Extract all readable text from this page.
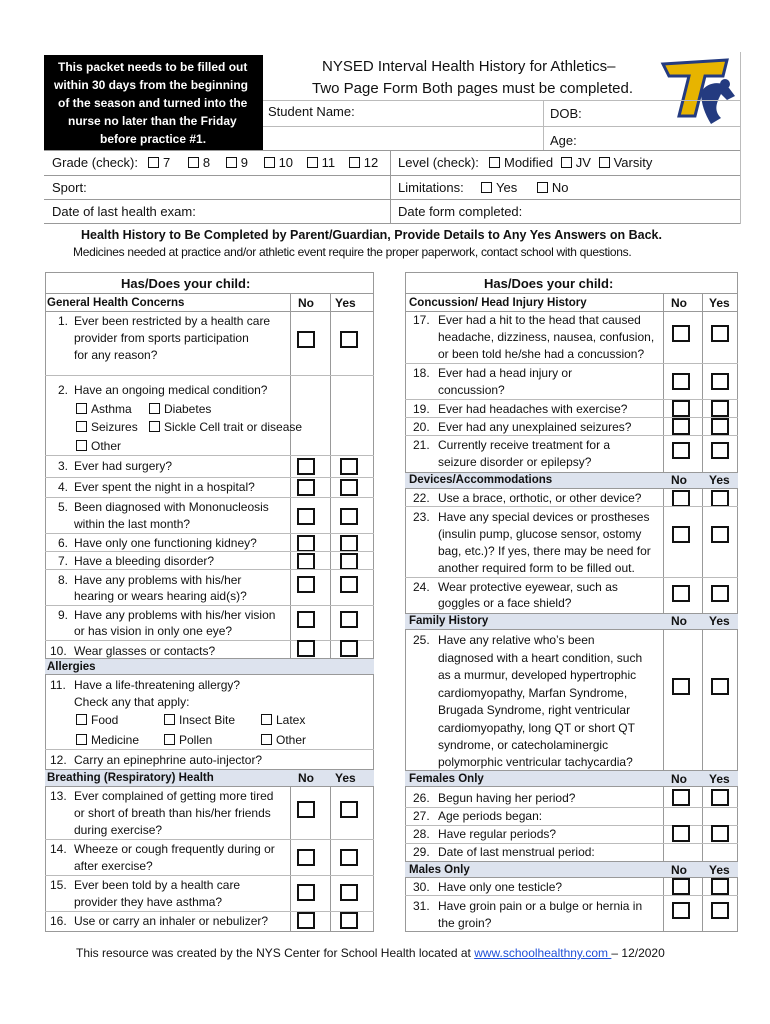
This packet needs to be filled out
within 30 days from the beginning
of the season and turned into the
nurse no later than the Friday
before practice #1.
NYSED Interval Health History for Athletics–
Two Page Form Both pages must be completed.
Student Name:	DOB:
Age:
Grade (check):	7	8 9 10 11 12 Level (check):	Modified JV Varsity
Sport:	Limitations:	Yes	No
Date of last health exam:	Date form completed:
Health History to Be Completed by Parent/Guardian, Provide Details to Any Yes Answers on Back.
Medicines needed at practice and/or athletic event require the proper paperwork, contact school with questions.
Has/Does your child:
General Health Concerns	No Yes
1. Ever been restricted by a health care
provider from sports participation
for any reason?
2. Have an ongoing medical condition?
Asthma	Diabetes
Seizures	Sickle Cell trait or disease
Other
3. Ever had surgery?
4. Ever spent the night in a hospital?
5. Been diagnosed with Mononucleosis
within the last month?
6. Have only one functioning kidney?
7. Have a bleeding disorder?
8. Have any problems with his/her
hearing or wears hearing aid(s)?
9. Have any problems with his/her vision
or has vision in only one eye?
10. Wear glasses or contacts?
Allergies
11. Have a life-threatening allergy?
Check any that apply:
Food	Insect Bite	Latex
Medicine	Pollen	Other
12. Carry an epinephrine auto-injector?
Breathing (Respiratory) Health	No Yes
13. Ever complained of getting more tired
or short of breath than his/her friends
during exercise?
14. Wheeze or cough frequently during or
after exercise?
15. Ever been told by a health care
provider they have asthma?
16. Use or carry an inhaler or nebulizer?
Has/Does your child:
Concussion/ Head Injury History	No Yes
17. Ever had a hit to the head that caused
headache, dizziness, nausea, confusion,
or been told he/she had a concussion?
18. Ever had a head injury or
concussion?
19. Ever had headaches with exercise?
20. Ever had any unexplained seizures?
21. Currently receive treatment for a
seizure disorder or epilepsy?
Devices/Accommodations	No Yes
22. Use a brace, orthotic, or other device?
23. Have any special devices or prostheses
(insulin pump, glucose sensor, ostomy
bag, etc.)? If yes, there may be need for
another required form to be filled out.
24. Wear protective eyewear, such as
goggles or a face shield?
Family History	No Yes
25. Have any relative who’s been
diagnosed with a heart condition, such
as a murmur, developed hypertrophic
cardiomyopathy, Marfan Syndrome,
Brugada Syndrome, right ventricular
cardiomyopathy, long QT or short QT
syndrome, or catecholaminergic
polymorphic ventricular tachycardia?
Females Only	No Yes
26. Begun having her period?
27. Age periods began:
28. Have regular periods?
29. Date of last menstrual period:
Males Only	No Yes
30. Have only one testicle?
31. Have groin pain or a bulge or hernia in
the groin?
This resource was created by the NYS Center for School Health located at www.schoolhealthny.com – 12/2020
